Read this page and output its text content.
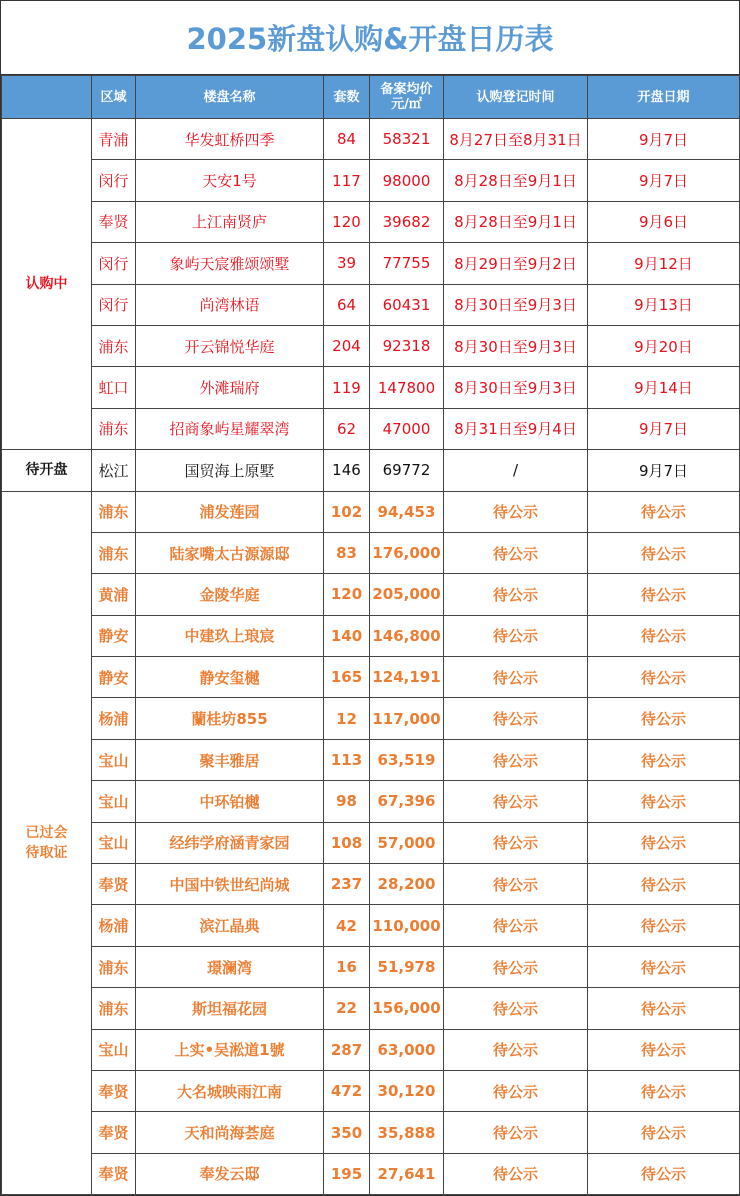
2025新盘认购&开盘日历表
	区域	楼盘名称	套数	备案均价
元/㎡	认购登记时间	开盘日期
认购中	青浦	华发虹桥四季	84	58321	8月27日至8月31日	9月7日
	闵行	天安1号	117	98000	8月28日至9月1日	9月7日
	奉贤	上江南贤庐	120	39682	8月28日至9月1日	9月6日
	闵行	象屿天宸雅颂颂墅	39	77755	8月29日至9月2日	9月12日
	闵行	尚湾林语	64	60431	8月30日至9月3日	9月13日
	浦东	开云锦悦华庭	204	92318	8月30日至9月3日	9月20日
	虹口	外滩瑞府	119	147800	8月30日至9月3日	9月14日
	浦东	招商象屿星耀翠湾	62	47000	8月31日至9月4日	9月7日
待开盘	松江	国贸海上原墅	146	69772	/	9月7日
已过会
待取证	浦东	浦发莲园	102	94,453	待公示	待公示
	浦东	陆家嘴太古源源邸	83	176,000	待公示	待公示
	黄浦	金陵华庭	120	205,000	待公示	待公示
	静安	中建玖上琅宸	140	146,800	待公示	待公示
	静安	静安玺樾	165	124,191	待公示	待公示
	杨浦	蘭桂坊855	12	117,000	待公示	待公示
	宝山	聚丰雅居	113	63,519	待公示	待公示
	宝山	中环铂樾	98	67,396	待公示	待公示
	宝山	经纬学府涵青家园	108	57,000	待公示	待公示
	奉贤	中国中铁世纪尚城	237	28,200	待公示	待公示
	杨浦	滨江晶典	42	110,000	待公示	待公示
	浦东	璟澜湾	16	51,978	待公示	待公示
	浦东	斯坦福花园	22	156,000	待公示	待公示
	宝山	上实•吴淞道1號	287	63,000	待公示	待公示
	奉贤	大名城映雨江南	472	30,120	待公示	待公示
	奉贤	天和尚海荟庭	350	35,888	待公示	待公示
	奉贤	奉发云邸	195	27,641	待公示	待公示
